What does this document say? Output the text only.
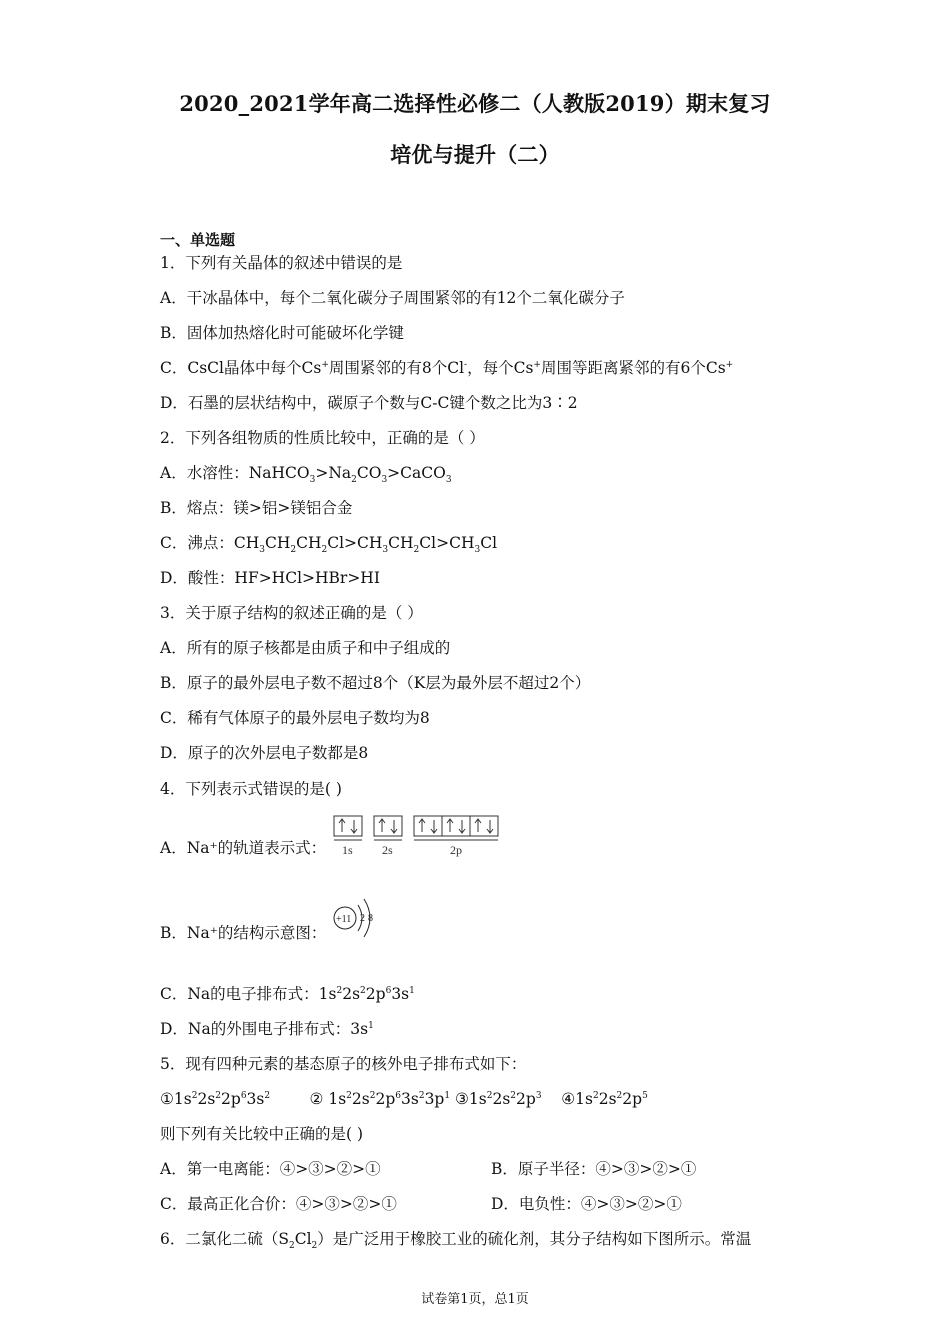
2020_2021学年高二选择性必修二（人教版2019）期末复习
培优与提升（二）
一、单选题
1．下列有关晶体的叙述中错误的是
A．干冰晶体中，每个二氧化碳分子周围紧邻的有12个二氧化碳分子
B．固体加热熔化时可能破坏化学键
C．CsCl晶体中每个Cs+周围紧邻的有8个Cl-，每个Cs+周围等距离紧邻的有6个Cs+
D．石墨的层状结构中，碳原子个数与C-C键个数之比为3∶2
2．下列各组物质的性质比较中，正确的是（ ）
A．水溶性：$NaHCO_3>Na_2CO_3>CaCO_3$
B．熔点：镁>铝>镁铝合金
C．沸点：$CH_3CH_2CH_2Cl>CH_3CH_2Cl>CH_3Cl$
D．酸性：HF>HCl>HBr>HI
3．关于原子结构的叙述正确的是（ ）
A．所有的原子核都是由质子和中子组成的
B．原子的最外层电子数不超过8个（K层为最外层不超过2个）
C．稀有气体原子的最外层电子数均为8
D．原子的次外层电子数都是8
4．下列表示式错误的是( )
A．Na⁺的轨道表示式： 1s 2s	2p
B．Na⁺的结构示意图：
+11 2 8
C．Na的电子排布式：$1s^22s^22p^63s^1$
D．Na的外围电子排布式：$3s^1$
5．现有四种元素的基态原子的核外电子排布式如下：
$①1s^22s^22p^63s^2$        ② $1s^22s^22p^63s^23p^1$ $③1s^22s^22p^3$    $④1s^22s^22p^5$
则下列有关比较中正确的是( )
A．第一电离能：④>③>②>①	B．原子半径：④>③>②>①
C．最高正化合价：④>③>②>①	D．电负性：④>③>②>①
6．二氯化二硫$(S_2Cl_2)$是广泛用于橡胶工业的硫化剂，其分子结构如下图所示。常温
试卷第1页，总1页
